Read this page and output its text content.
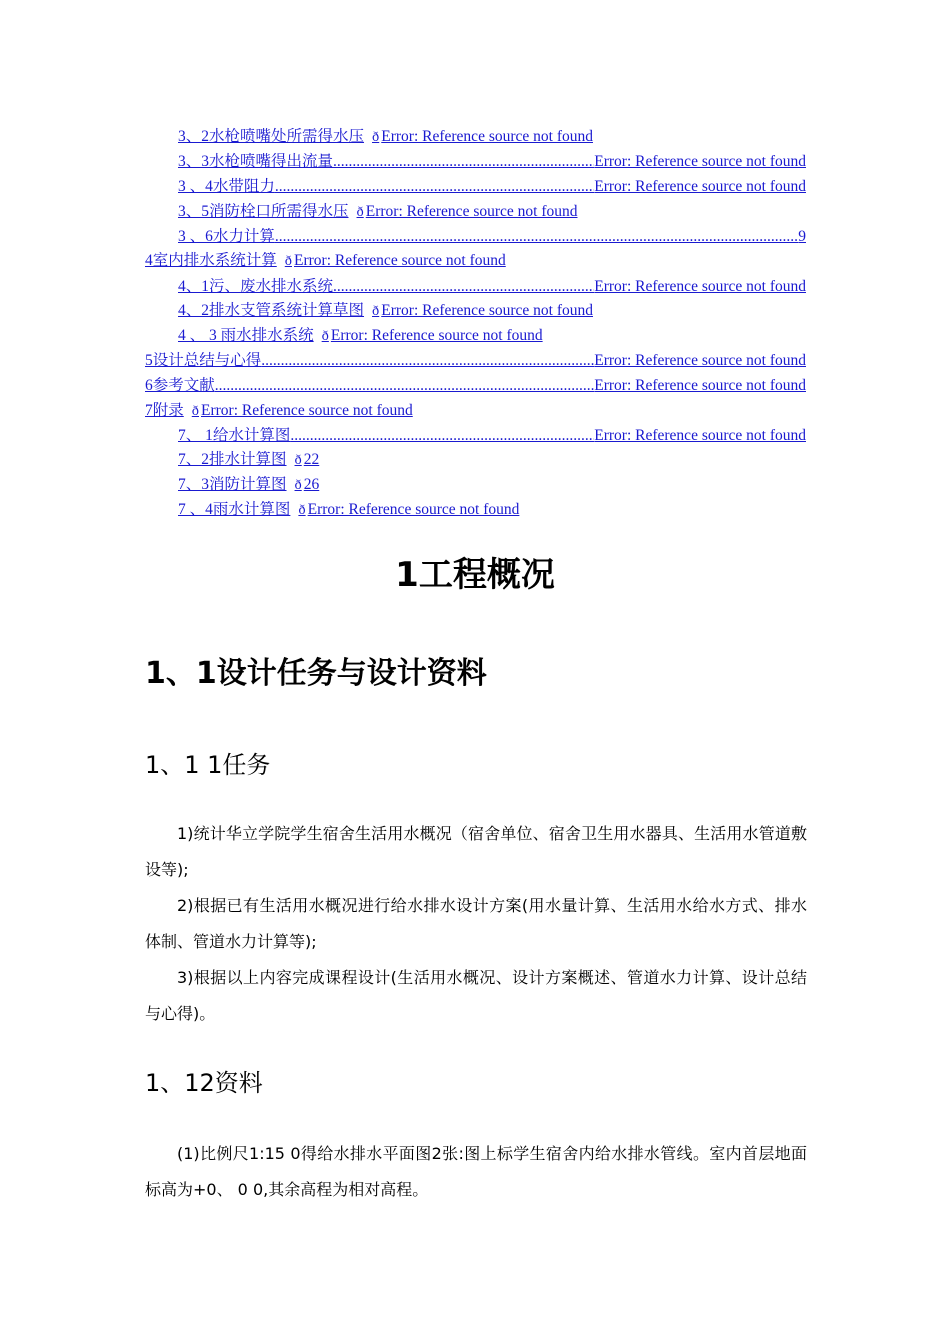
3、2水枪喷嘴处所需得水压 ð Error: Reference source not found
3、3水枪喷嘴得出流量 .....	Error: Reference source not found
3 、4水带阻力 .....	Error: Reference source not found
3、5消防栓口所需得水压 ð Error: Reference source not found
3 、6水力计算 .....	9
4室内排水系统计算 ð Error: Reference source not found
4、1污、废水排水系统 .....	Error: Reference source not found
4、2排水支管系统计算草图 ð Error: Reference source not found
4 、 3 雨水排水系统 ð Error: Reference source not found
5设计总结与心得 .....	Error: Reference source not found
6参考文献 .....	Error: Reference source not found
7附录 ð Error: Reference source not found
7、 1给水计算图 .....	Error: Reference source not found
7、2排水计算图 ð 22
7、3消防计算图 ð 26
7 、4雨水计算图 ð Error: Reference source not found
1工程概况
1、1设计任务与设计资料
1、1 1任务
1)统计华立学院学生宿舍生活用水概况（宿舍单位、宿舍卫生用水器具、生活用水管道敷设等);
2)根据已有生活用水概况进行给水排水设计方案(用水量计算、生活用水给水方式、排水体制、管道水力计算等);
3)根据以上内容完成课程设计(生活用水概况、设计方案概述、管道水力计算、设计总结与心得)。
1、12资料
(1)比例尺1:15 0得给水排水平面图2张:图上标学生宿舍内给水排水管线。室内首层地面标高为+0、 0 0,其余高程为相对高程。
